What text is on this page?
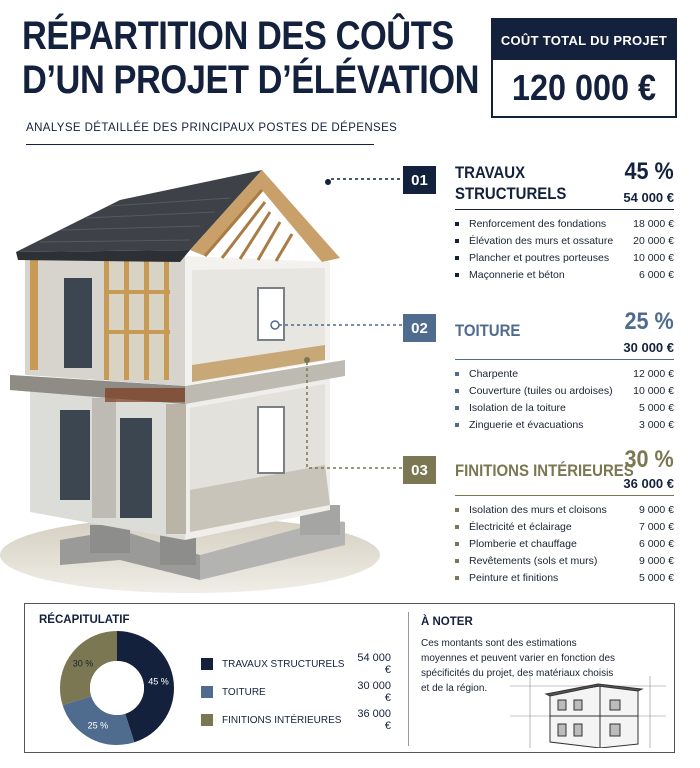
RÉPARTITION DES COÛTS
D’UN PROJET D’ÉLÉVATION
ANALYSE DÉTAILLÉE DES PRINCIPAUX POSTES DE DÉPENSES
COÛT TOTAL DU PROJET
120 000 €
01	TRAVAUX
STRUCTURELS
45 %
54 000 €
Renforcement des fondations	18 000 €
Élévation des murs et ossature 20 000 €
Plancher et poutres porteuses 10 000 €
Maçonnerie et béton	6 000 €
02	TOITURE	25 %
30 000 €
Charpente	12 000 €
Couverture (tuiles ou ardoises) 10 000 €
Isolation de la toiture	5 000 €
Zinguerie et évacuations	3 000 €
03	FINITIONS INTÉRIEURES
30 %
36 000 €
Isolation des murs et cloisons	9 000 €
Électricité et éclairage	7 000 €
Plomberie et chauffage	6 000 €
Revêtements (sols et murs)	9 000 €
Peinture et finitions	5 000 €
RÉCAPITULATIF
45 %
25 %
30 %	TRAVAUX STRUCTURELS	54 000 €
TOITURE	30 000 €
FINITIONS INTÉRIEURES	36 000 €
À NOTER
Ces montants sont des estimations moyennes et peuvent varier en fonction des spécificités du projet, des matériaux choisis et de la région.
